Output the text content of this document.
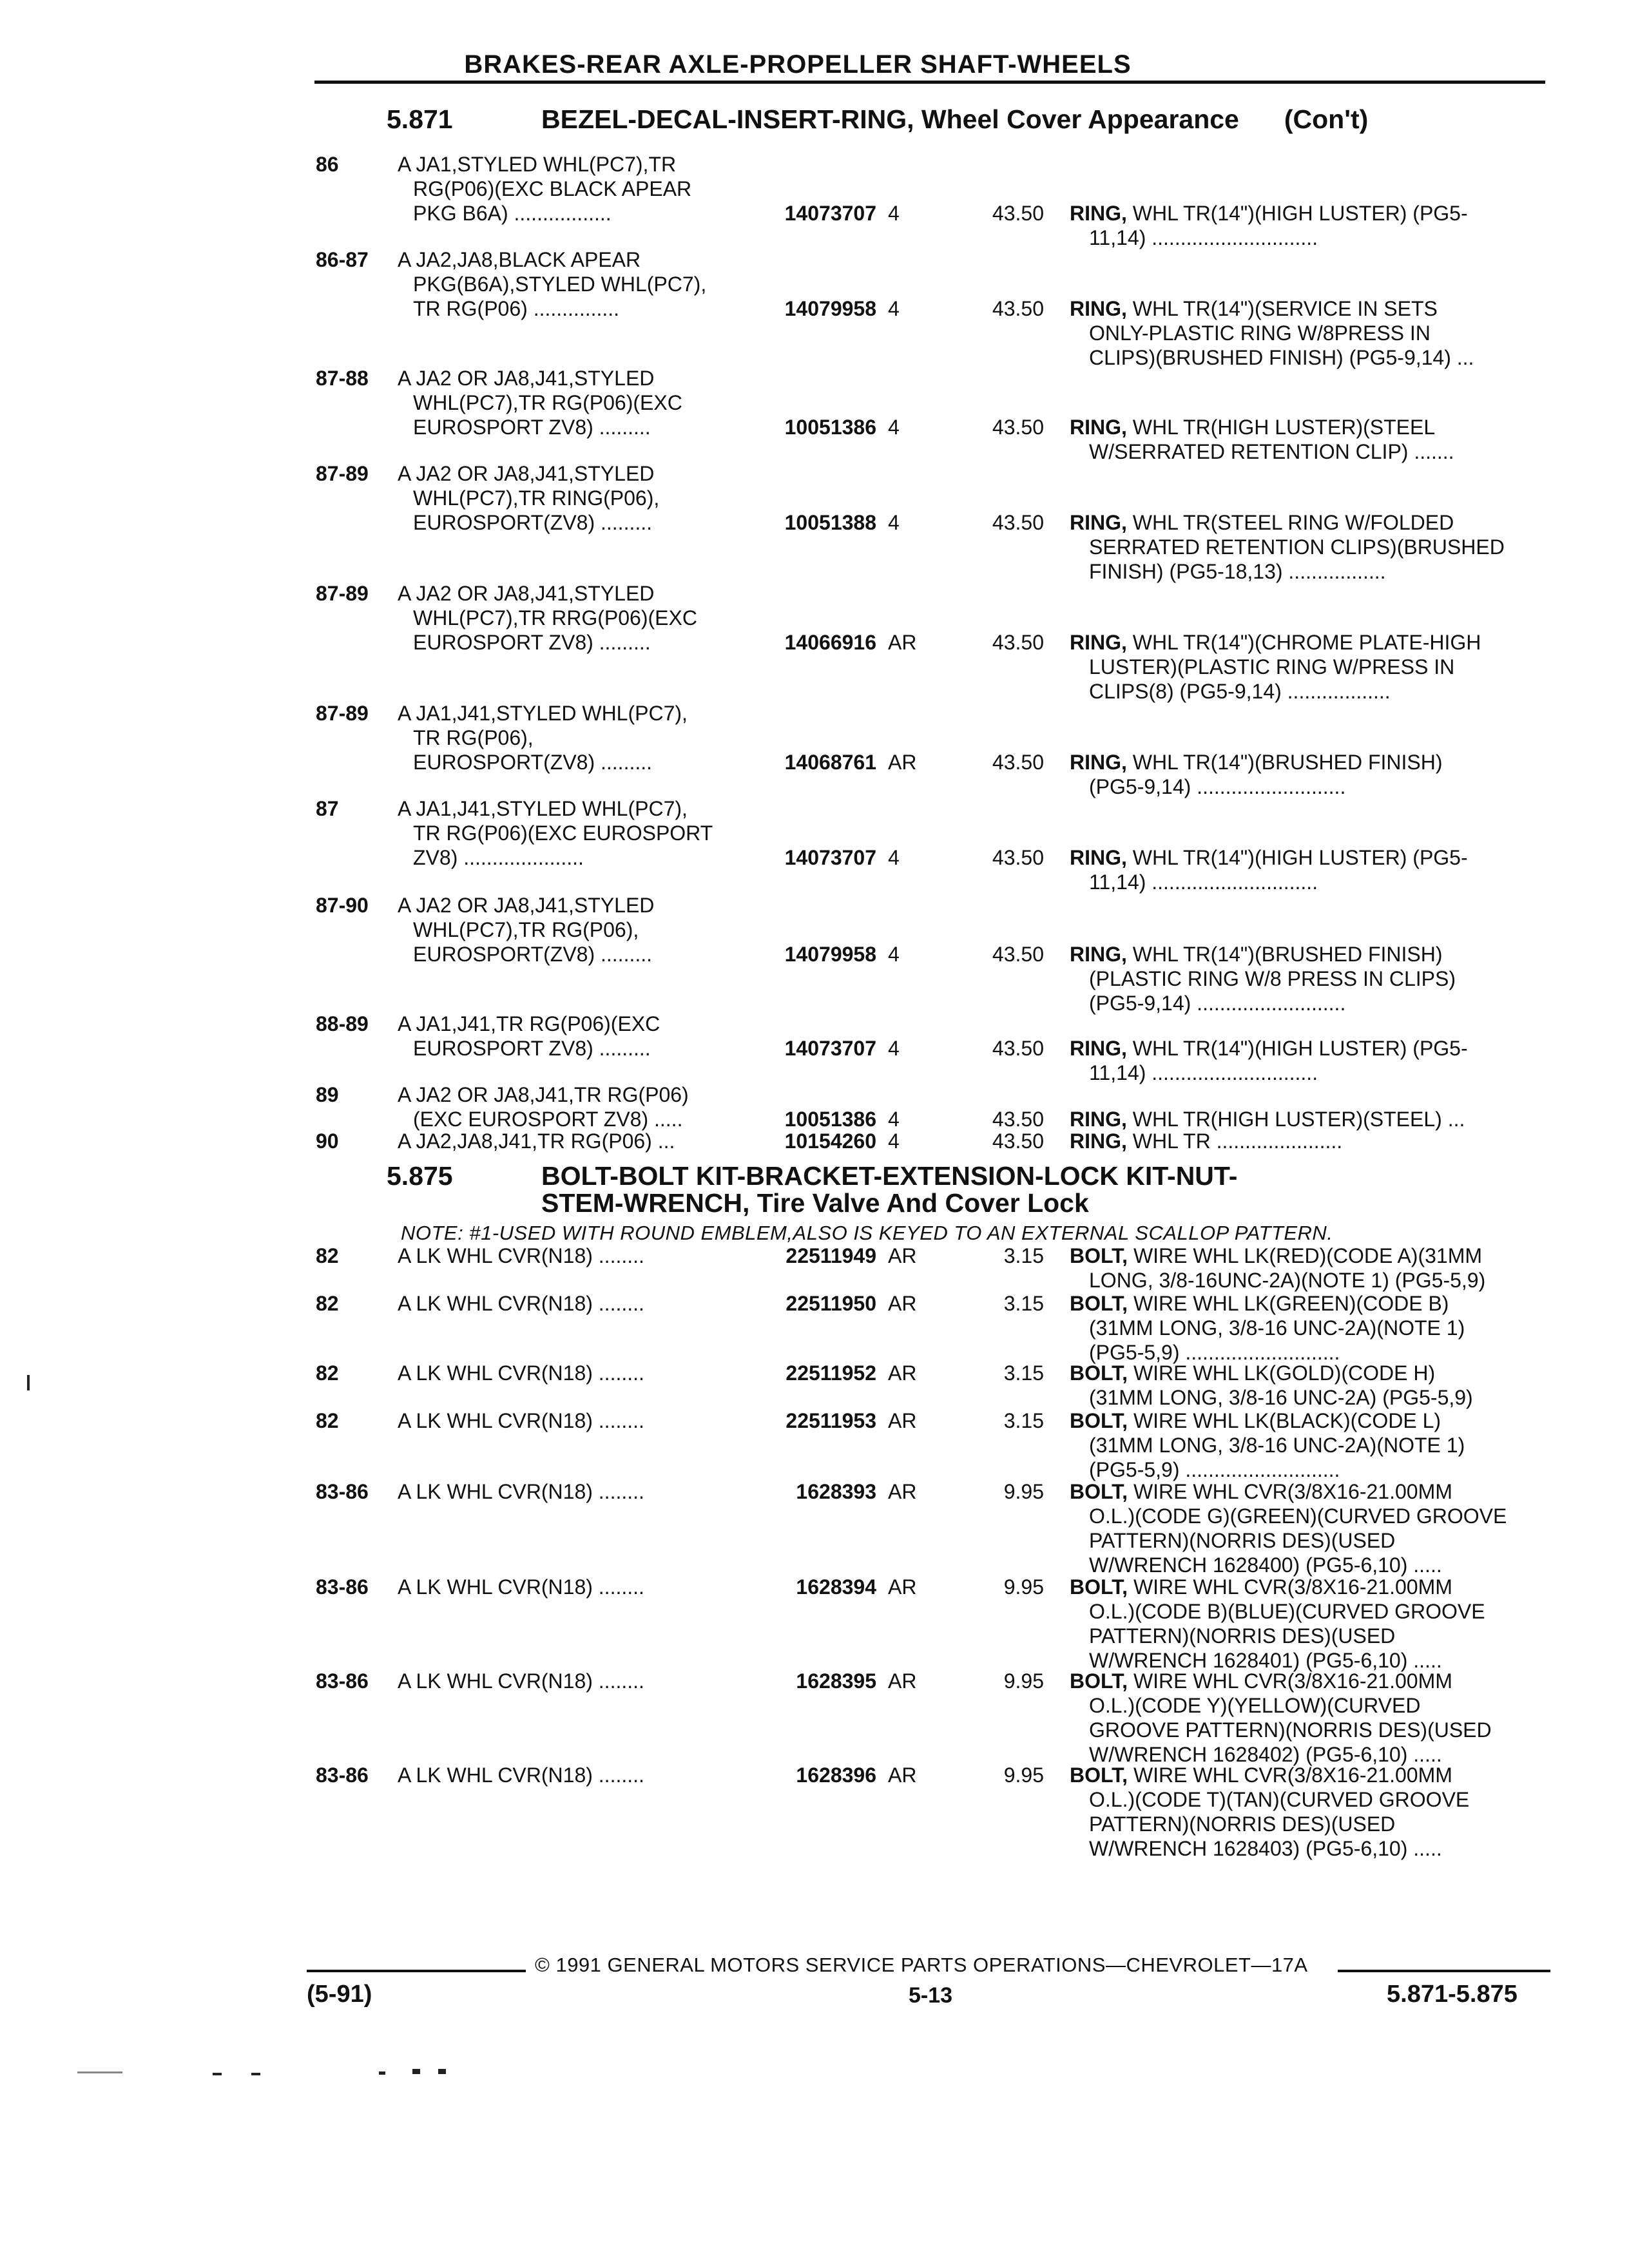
BRAKES-REAR AXLE-PROPELLER SHAFT-WHEELS
5.871	BEZEL-DECAL-INSERT-RING, Wheel Cover Appearance (Con't)
86	A JA1,STYLED WHL(PC7),TR
RG(P06)(EXC BLACK APEAR
PKG B6A) .................	14073707 4	43.50 RING, WHL TR(14")(HIGH LUSTER) (PG5-
11,14) .............................
86-87	A JA2,JA8,BLACK APEAR
PKG(B6A),STYLED WHL(PC7),
TR RG(P06) ...............	14079958 4	43.50 RING, WHL TR(14")(SERVICE IN SETS
ONLY-PLASTIC RING W/8PRESS IN
CLIPS)(BRUSHED FINISH) (PG5-9,14) ...
87-88	A JA2 OR JA8,J41,STYLED
WHL(PC7),TR RG(P06)(EXC
EUROSPORT ZV8) .........	10051386 4	43.50 RING, WHL TR(HIGH LUSTER)(STEEL
W/SERRATED RETENTION CLIP) .......
87-89	A JA2 OR JA8,J41,STYLED
WHL(PC7),TR RING(P06),
EUROSPORT(ZV8) .........	10051388 4	43.50 RING, WHL TR(STEEL RING W/FOLDED
SERRATED RETENTION CLIPS)(BRUSHED
FINISH) (PG5-18,13) .................
87-89	A JA2 OR JA8,J41,STYLED
WHL(PC7),TR RRG(P06)(EXC
EUROSPORT ZV8) .........	14066916 AR	43.50 RING, WHL TR(14")(CHROME PLATE-HIGH
LUSTER)(PLASTIC RING W/PRESS IN
CLIPS(8) (PG5-9,14) ..................
87-89	A JA1,J41,STYLED WHL(PC7),
TR RG(P06),
EUROSPORT(ZV8) .........	14068761 AR	43.50 RING, WHL TR(14")(BRUSHED FINISH)
(PG5-9,14) ..........................
87	A JA1,J41,STYLED WHL(PC7),
TR RG(P06)(EXC EUROSPORT
ZV8) .....................	14073707 4	43.50 RING, WHL TR(14")(HIGH LUSTER) (PG5-
11,14) .............................
87-90	A JA2 OR JA8,J41,STYLED
WHL(PC7),TR RG(P06),
EUROSPORT(ZV8) .........	14079958 4	43.50 RING, WHL TR(14")(BRUSHED FINISH)
(PLASTIC RING W/8 PRESS IN CLIPS)
(PG5-9,14) ..........................
88-89	A JA1,J41,TR RG(P06)(EXC
EUROSPORT ZV8) .........	14073707 4	43.50 RING, WHL TR(14")(HIGH LUSTER) (PG5-
11,14) .............................
89	A JA2 OR JA8,J41,TR RG(P06)
(EXC EUROSPORT ZV8) .....	10051386 4	43.50 RING, WHL TR(HIGH LUSTER)(STEEL) ...
90	A JA2,JA8,J41,TR RG(P06) ...	10154260 4	43.50 RING, WHL TR ......................
5.875	BOLT-BOLT KIT-BRACKET-EXTENSION-LOCK KIT-NUT-
STEM-WRENCH, Tire Valve And Cover Lock
NOTE: #1-USED WITH ROUND EMBLEM,ALSO IS KEYED TO AN EXTERNAL SCALLOP PATTERN.
82	A LK WHL CVR(N18) ........	22511949 AR	3.15 BOLT, WIRE WHL LK(RED)(CODE A)(31MM
LONG, 3/8-16UNC-2A)(NOTE 1) (PG5-5,9)
82	A LK WHL CVR(N18) ........	22511950 AR	3.15 BOLT, WIRE WHL LK(GREEN)(CODE B)
(31MM LONG, 3/8-16 UNC-2A)(NOTE 1)
(PG5-5,9) ...........................
82	A LK WHL CVR(N18) ........	22511952 AR	3.15 BOLT, WIRE WHL LK(GOLD)(CODE H)
(31MM LONG, 3/8-16 UNC-2A) (PG5-5,9)
82	A LK WHL CVR(N18) ........	22511953 AR	3.15 BOLT, WIRE WHL LK(BLACK)(CODE L)
(31MM LONG, 3/8-16 UNC-2A)(NOTE 1)
(PG5-5,9) ...........................
83-86	A LK WHL CVR(N18) ........	1628393 AR	9.95 BOLT, WIRE WHL CVR(3/8X16-21.00MM
O.L.)(CODE G)(GREEN)(CURVED GROOVE
PATTERN)(NORRIS DES)(USED
W/WRENCH 1628400) (PG5-6,10) .....
83-86	A LK WHL CVR(N18) ........	1628394 AR	9.95 BOLT, WIRE WHL CVR(3/8X16-21.00MM
O.L.)(CODE B)(BLUE)(CURVED GROOVE
PATTERN)(NORRIS DES)(USED
W/WRENCH 1628401) (PG5-6,10) .....
83-86	A LK WHL CVR(N18) ........	1628395 AR	9.95 BOLT, WIRE WHL CVR(3/8X16-21.00MM
O.L.)(CODE Y)(YELLOW)(CURVED
GROOVE PATTERN)(NORRIS DES)(USED
W/WRENCH 1628402) (PG5-6,10) .....
83-86	A LK WHL CVR(N18) ........	1628396 AR	9.95 BOLT, WIRE WHL CVR(3/8X16-21.00MM
O.L.)(CODE T)(TAN)(CURVED GROOVE
PATTERN)(NORRIS DES)(USED
W/WRENCH 1628403) (PG5-6,10) .....
© 1991 GENERAL MOTORS SERVICE PARTS OPERATIONS—CHEVROLET—17A
(5-91)	5-13	5.871-5.875
